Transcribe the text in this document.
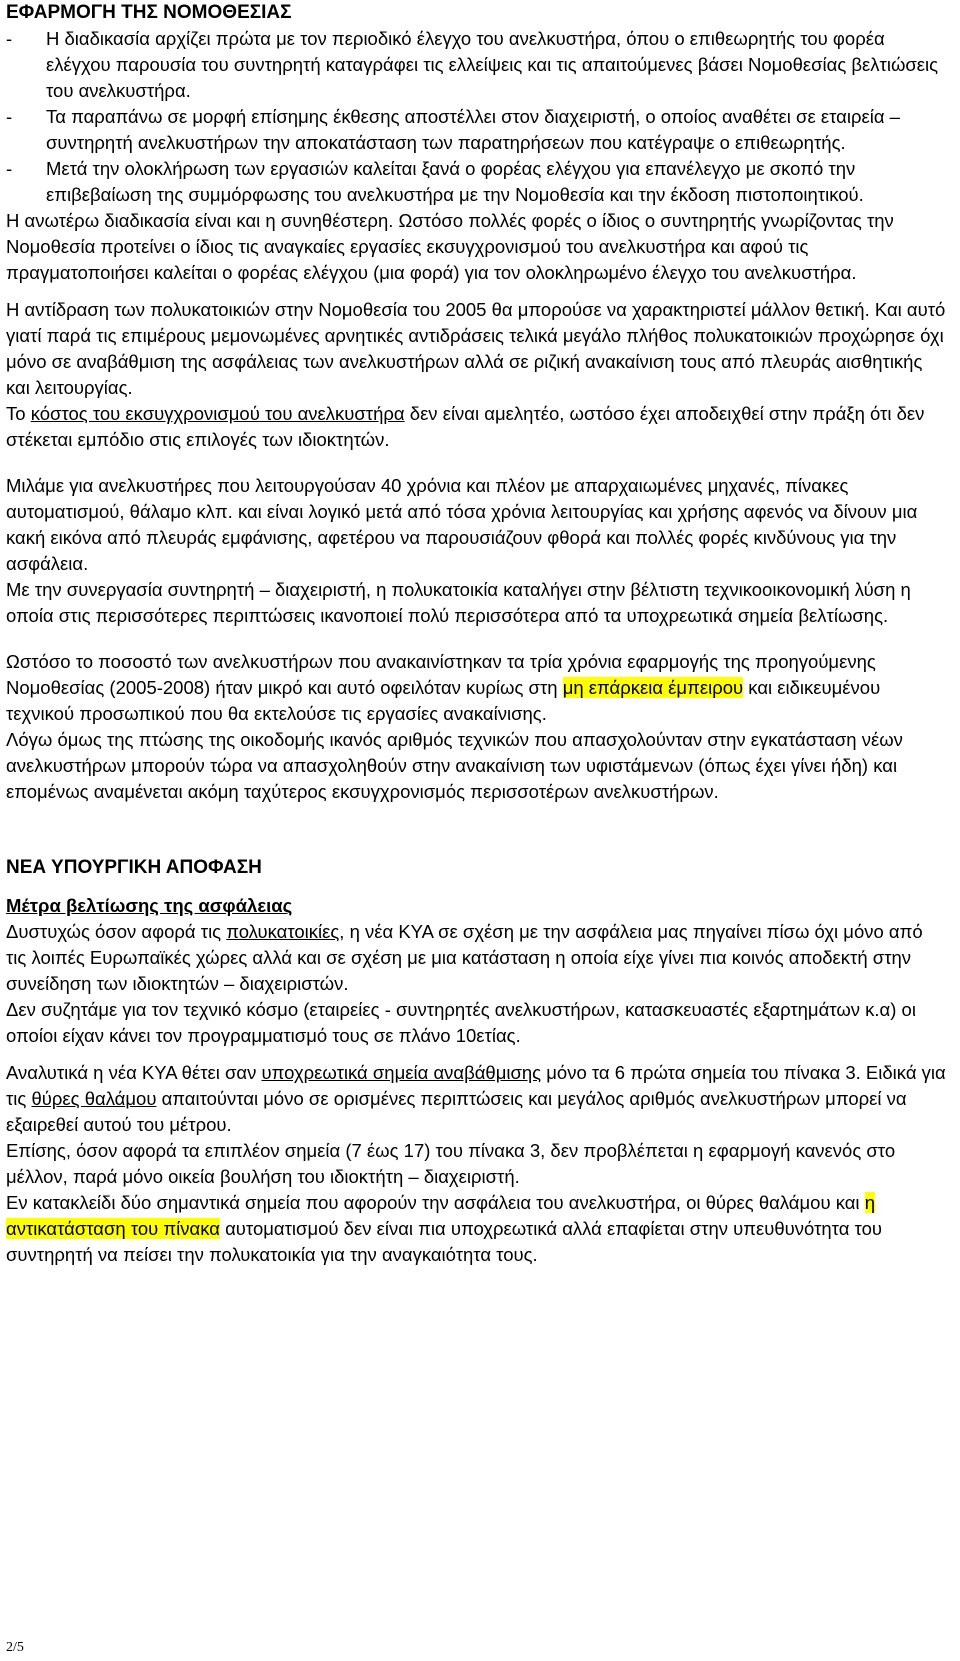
ΕΦΑΡΜΟΓΗ ΤΗΣ ΝΟΜΟΘΕΣΙΑΣ
- Η διαδικασία αρχίζει πρώτα με τον περιοδικό έλεγχο του ανελκυστήρα, όπου ο επιθεωρητής του φορέα ελέγχου παρουσία του συντηρητή καταγράφει τις ελλείψεις και τις απαιτούμενες βάσει Νομοθεσίας βελτιώσεις του ανελκυστήρα.
- Τα παραπάνω σε μορφή επίσημης έκθεσης αποστέλλει στον διαχειριστή, ο οποίος αναθέτει σε εταιρεία – συντηρητή ανελκυστήρων την αποκατάσταση των παρατηρήσεων που κατέγραψε ο επιθεωρητής.
- Μετά την ολοκλήρωση των εργασιών καλείται ξανά ο φορέας ελέγχου για επανέλεγχο με σκοπό την επιβεβαίωση της συμμόρφωσης του ανελκυστήρα με την Νομοθεσία και την έκδοση πιστοποιητικού.

Η ανωτέρω διαδικασία είναι και η συνηθέστερη. Ωστόσο πολλές φορές ο ίδιος ο συντηρητής γνωρίζοντας την Νομοθεσία προτείνει ο ίδιος τις αναγκαίες εργασίες εκσυγχρονισμού του ανελκυστήρα και αφού τις πραγματοποιήσει καλείται ο φορέας ελέγχου (μια φορά) για τον ολοκληρωμένο έλεγχο του ανελκυστήρα.

Η αντίδραση των πολυκατοικιών στην Νομοθεσία του 2005 θα μπορούσε να χαρακτηριστεί μάλλον θετική. Και αυτό γιατί παρά τις επιμέρους μεμονωμένες αρνητικές αντιδράσεις τελικά μεγάλο πλήθος πολυκατοικιών προχώρησε όχι μόνο σε αναβάθμιση της ασφάλειας των ανελκυστήρων αλλά σε ριζική ανακαίνιση τους από πλευράς αισθητικής και λειτουργίας.

Το κόστος του εκσυγχρονισμού του ανελκυστήρα δεν είναι αμελητέο, ωστόσο έχει αποδειχθεί στην πράξη ότι δεν στέκεται εμπόδιο στις επιλογές των ιδιοκτητών.

Μιλάμε για ανελκυστήρες που λειτουργούσαν 40 χρόνια και πλέον με απαρχαιωμένες μηχανές, πίνακες αυτοματισμού, θάλαμο κλπ. και είναι λογικό μετά από τόσα χρόνια λειτουργίας και χρήσης αφενός να δίνουν μια κακή εικόνα από πλευράς εμφάνισης, αφετέρου να παρουσιάζουν φθορά και πολλές φορές κινδύνους για την ασφάλεια.

Με την συνεργασία συντηρητή – διαχειριστή, η πολυκατοικία καταλήγει στην βέλτιστη τεχνικοοικονομική λύση η οποία στις περισσότερες περιπτώσεις ικανοποιεί πολύ περισσότερα από τα υποχρεωτικά σημεία βελτίωσης.

Ωστόσο το ποσοστό των ανελκυστήρων που ανακαινίστηκαν τα τρία χρόνια εφαρμογής της προηγούμενης Νομοθεσίας (2005-2008) ήταν μικρό και αυτό οφειλόταν κυρίως στη μη επάρκεια έμπειρου και ειδικευμένου τεχνικού προσωπικού που θα εκτελούσε τις εργασίες ανακαίνισης.

Λόγω όμως της πτώσης της οικοδομής ικανός αριθμός τεχνικών που απασχολούνταν στην εγκατάσταση νέων ανελκυστήρων μπορούν τώρα να απασχοληθούν στην ανακαίνιση των υφιστάμενων (όπως έχει γίνει ήδη) και επομένως αναμένεται ακόμη ταχύτερος εκσυγχρονισμός περισσοτέρων ανελκυστήρων.

ΝΕΑ ΥΠΟΥΡΓΙΚΗ ΑΠΟΦΑΣΗ

Μέτρα βελτίωσης της ασφάλειας

Δυστυχώς όσον αφορά τις πολυκατοικίες, η νέα ΚΥΑ σε σχέση με την ασφάλεια μας πηγαίνει πίσω όχι μόνο από τις λοιπές Ευρωπαϊκές χώρες αλλά και σε σχέση με μια κατάσταση η οποία είχε γίνει πια κοινός αποδεκτή στην συνείδηση των ιδιοκτητών – διαχειριστών.

Δεν συζητάμε για τον τεχνικό κόσμο (εταιρείες - συντηρητές ανελκυστήρων, κατασκευαστές εξαρτημάτων κ.α) οι οποίοι είχαν κάνει τον προγραμματισμό τους σε πλάνο 10ετίας.

Αναλυτικά η νέα ΚΥΑ θέτει σαν υποχρεωτικά σημεία αναβάθμισης μόνο τα 6 πρώτα σημεία του πίνακα 3. Ειδικά για τις θύρες θαλάμου απαιτούνται μόνο σε ορισμένες περιπτώσεις και μεγάλος αριθμός ανελκυστήρων μπορεί να εξαιρεθεί αυτού του μέτρου.

Επίσης, όσον αφορά τα επιπλέον σημεία (7 έως 17) του πίνακα 3, δεν προβλέπεται η εφαρμογή κανενός στο μέλλον, παρά μόνο οικεία βουλήση του ιδιοκτήτη – διαχειριστή.

Εν κατακλείδι δύο σημαντικά σημεία που αφορούν την ασφάλεια του ανελκυστήρα, οι θύρες θαλάμου και η αντικατάσταση του πίνακα αυτοματισμού δεν είναι πια υποχρεωτικά αλλά επαφίεται στην υπευθυνότητα του συντηρητή να πείσει την πολυκατοικία για την αναγκαιότητα τους.

2/5
